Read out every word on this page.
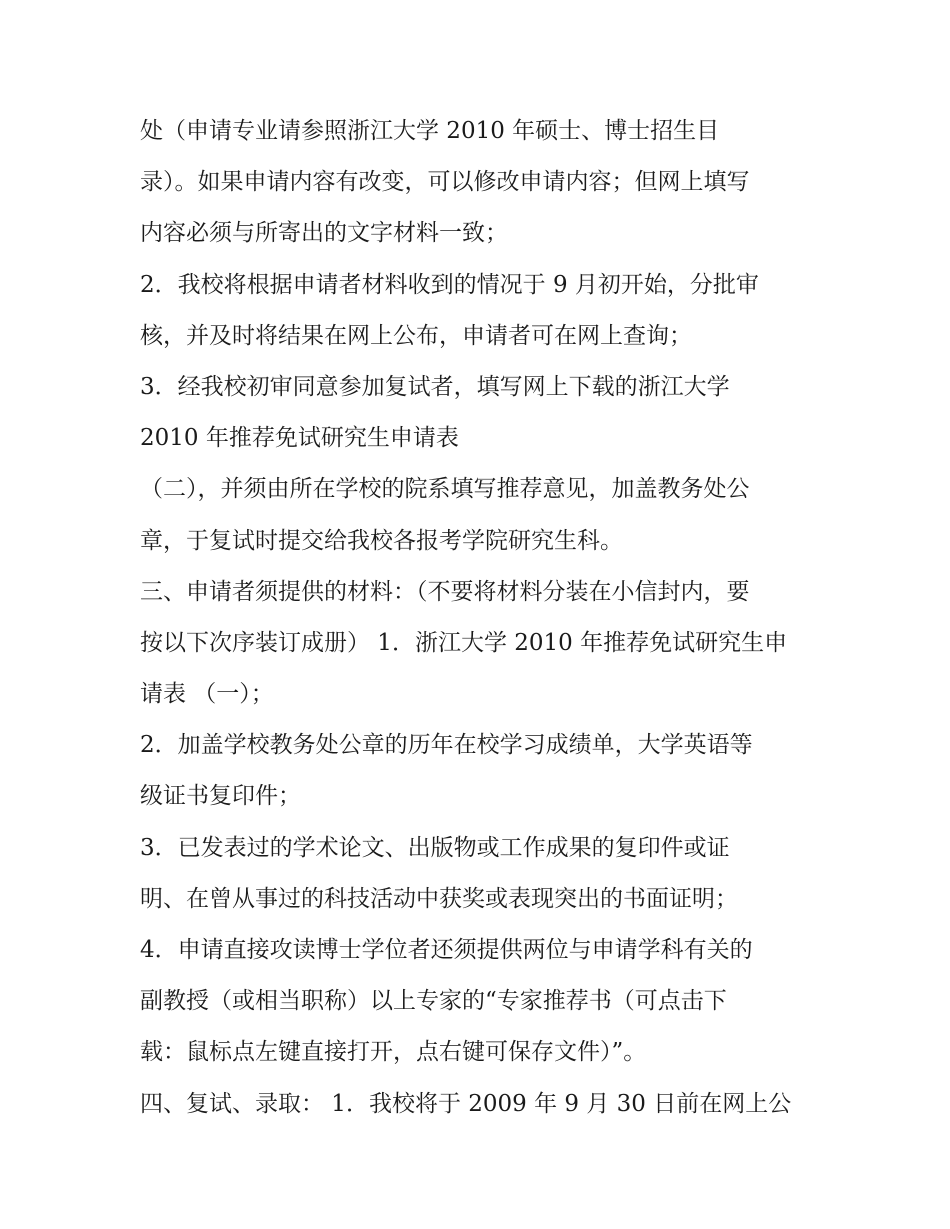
处（申请专业请参照浙江大学 2010 年硕士、博士招生目
录）。如果申请内容有改变，可以修改申请内容；但网上填写
内容必须与所寄出的文字材料一致；
2．我校将根据申请者材料收到的情况于 9 月初开始，分批审
核，并及时将结果在网上公布，申请者可在网上查询；
3．经我校初审同意参加复试者，填写网上下载的浙江大学
2010 年推荐免试研究生申请表
（二），并须由所在学校的院系填写推荐意见，加盖教务处公
章，于复试时提交给我校各报考学院研究生科。
三、申请者须提供的材料：（不要将材料分装在小信封内，要
按以下次序装订成册） 1．浙江大学 2010 年推荐免试研究生申
请表 （一）；
2．加盖学校教务处公章的历年在校学习成绩单，大学英语等
级证书复印件；
3．已发表过的学术论文、出版物或工作成果的复印件或证
明、在曾从事过的科技活动中获奖或表现突出的书面证明；
4．申请直接攻读博士学位者还须提供两位与申请学科有关的
副教授（或相当职称）以上专家的“专家推荐书（可点击下
载：鼠标点左键直接打开，点右键可保存文件）”。
四、复试、录取： 1．我校将于 2009 年 9 月 30 日前在网上公
